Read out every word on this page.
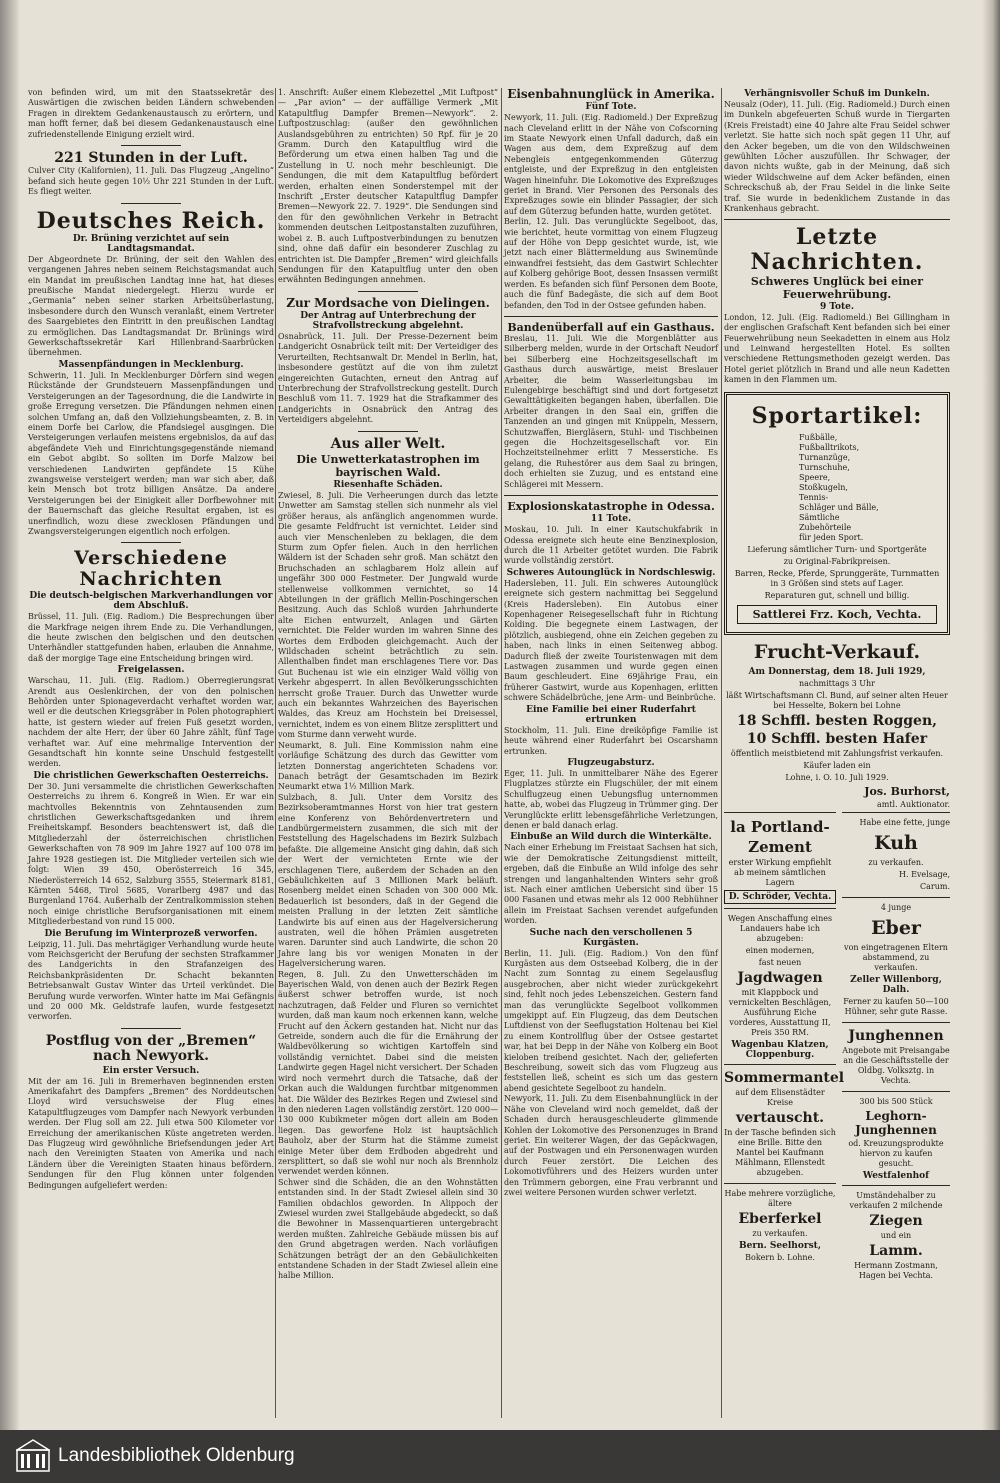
von befinden wird, um mit den Staatssekretär des Auswärtigen die zwischen beiden Ländern schwebenden Fragen in direktem Gedankenaustausch zu erörtern, und man hofft ferner, daß bei diesem Gedankenaustausch eine zufriedenstellende Einigung erzielt wird.

221 Stunden in der Luft.

Culver City (Kalifornien), 11. Juli. Das Flugzeug „Angelino“ befand sich heute gegen 10½ Uhr 221 Stunden in der Luft. Es fliegt weiter.

Deutsches Reich.

Dr. Brüning verzichtet auf sein Landtagsmandat.

Der Abgeordnete Dr. Brüning, der seit den Wahlen des vergangenen Jahres neben seinem Reichstagsmandat auch ein Mandat im preußischen Landtag inne hat, hat dieses preußische Mandat niedergelegt. Hierzu wurde er „Germania“ neben seiner starken Arbeitsüberlastung, insbesondere durch den Wunsch veranlaßt, einem Vertreter des Saargebietes den Eintritt in den preußischen Landtag zu ermöglichen. Das Landtagsmandat Dr. Brünings wird Gewerkschaftssekretär Karl Hillenbrand-Saarbrücken übernehmen.

Massenpfändungen in Mecklenburg.

Schwerin, 11. Juli. In Mecklenburger Dörfern sind wegen Rückstände der Grundsteuern Massenpfändungen und Versteigerungen an der Tagesordnung, die die Landwirte in große Erregung versetzen. Die Pfändungen nehmen einen solchen Umfang an, daß den Vollziehungsbeamten, z. B. in einem Dorfe bei Carlow, die Pfandsiegel ausgingen. Die Versteigerungen verlaufen meistens ergebnislos, da auf das abgefändete Vieh und Einrichtungsgegenstände niemand ein Gebot abgibt. So sollten im Dorfe Malzow bei verschiedenen Landwirten gepfändete 15 Kühe zwangsweise versteigert werden; man war sich aber, daß kein Mensch bot trotz billigen Ansätze. Da andere Versteigerungen bei der Einigkeit aller Dorfbewohner mit der Bauernschaft das gleiche Resultat ergaben, ist es unerfindlich, wozu diese zwecklosen Pfändungen und Zwangsversteigerungen eigentlich noch erfolgen.

Verschiedene Nachrichten

Die deutsch-belgischen Markverhandlungen vor dem Abschluß.

Brüssel, 11. Juli. (Eig. Radiom.) Die Besprechungen über die Markfrage neigen ihrem Ende zu. Die Verhandlungen, die heute zwischen den belgischen und den deutschen Unterhändler stattgefunden haben, erlauben die Annahme, daß der morgige Tage eine Entscheidung bringen wird.

Freigelassen.

Warschau, 11. Juli. (Eig. Radiom.) Oberregierungsrat Arendt aus Oeslenkirchen, der von den polnischen Behörden unter Spionageverdacht verhaftet worden war, weil er die deutschen Kriegsgräber in Polen photographiert hatte, ist gestern wieder auf freien Fuß gesetzt worden, nachdem der alte Herr, der über 60 Jahre zählt, fünf Tage verhaftet war. Auf eine mehrmalige Intervention der Gesandtschaft hin konnte seine Unschuld festgestellt werden.

Die christlichen Gewerkschaften Oesterreichs.

Der 30. Juni versammelte die christlichen Gewerkschaften Oesterreichs zu ihrem 6. Kongreß in Wien. Er war ein machtvolles Bekenntnis von Zehntausenden zum christlichen Gewerkschaftsgedanken und ihrem Freiheitskampf. Besonders beachtenswert ist, daß die Mitgliederzahl der österreichischen christlichen Gewerkschaften von 78 909 im Jahre 1927 auf 100 078 im Jahre 1928 gestiegen ist. Die Mitglieder verteilen sich wie folgt: Wien 39 450, Oberösterreich 16 345, Niederösterreich 14 652, Salzburg 3555, Steiermark 8181, Kärnten 5468, Tirol 5685, Vorarlberg 4987 und das Burgenland 1764. Außerhalb der Zentralkommission stehen noch einige christliche Berufsorganisationen mit einem Mitgliederbestand von rund 15 000.

Die Berufung im Winterprozeß verworfen.

Leipzig, 11. Juli. Das mehrtägiger Verhandlung wurde heute vom Reichsgericht der Berufung der sechsten Strafkammer des Landgerichts in den Strafanzeigen des Reichsbankpräsidenten Dr. Schacht bekannten Betriebsanwalt Gustav Winter das Urteil verkündet. Die Berufung wurde verworfen. Winter hatte im Mai Gefängnis und 20 000 Mk. Geldstrafe laufen, wurde festgesetzt verworfen.

Postflug von der „Bremen“ nach Newyork.

Ein erster Versuch.

Mit der am 16. Juli in Bremerhaven beginnenden ersten Amerikafahrt des Dampfers „Bremen“ des Norddeutschen Lloyd wird versuchsweise der Flug eines Katapultflugzeuges vom Dampfer nach Newyork verbunden werden. Der Flug soll am 22. Juli etwa 500 Kilometer vor Erreichung der amerikanischen Küste angetreten werden. Das Flugzeug wird gewöhnliche Briefsendungen jeder Art nach den Vereinigten Staaten von Amerika und nach Ländern über die Vereinigten Staaten hinaus befördern. Sendungen für den Flug können unter folgenden Bedingungen aufgeliefert werden:

1. Anschrift: Außer einem Klebezettel „Mit Luftpost“ — „Par avion“ — der auffällige Vermerk „Mit Katapultflug Dampfer Bremen—Newyork“. 2. Luftpostzuschlag: (außer den gewöhnlichen Auslandsgebühren zu entrichten) 50 Rpf. für je 20 Gramm. Durch den Katapultflug wird die Beförderung um etwa einen halben Tag und die Zustellung in U. noch mehr beschleunigt. Die Sendungen, die mit dem Katapultflug befördert werden, erhalten einen Sonderstempel mit der Inschrift „Erster deutscher Katapultflug Dampfer Bremen—Newyork 22. 7. 1929“. Die Sendungen sind den für den gewöhnlichen Verkehr in Betracht kommenden deutschen Leitpostanstalten zuzuführen, wobei z. B. auch Luftpostverbindungen zu benutzen sind, ohne daß dafür ein besonderer Zuschlag zu entrichten ist. Die Dampfer „Bremen“ wird gleichfalls Sendungen für den Katapultflug unter den oben erwähnten Bedingungen annehmen.

Zur Mordsache von Dielingen.

Der Antrag auf Unterbrechung der Strafvollstreckung abgelehnt.

Osnabrück, 11. Juli. Der Presse-Dezernent beim Landgericht Osnabrück teilt mit: Der Verteidiger des Verurteilten, Rechtsanwalt Dr. Mendel in Berlin, hat, insbesondere gestützt auf die von ihm zuletzt eingereichten Gutachten, erneut den Antrag auf Unterbrechung der Strafvollstreckung gestellt. Durch Beschluß vom 11. 7. 1929 hat die Strafkammer des Landgerichts in Osnabrück den Antrag des Verteidigers abgelehnt.

Aus aller Welt.

Die Unwetterkatastrophen im bayrischen Wald.

Riesenhafte Schäden.

Zwiesel, 8. Juli. Die Verheerungen durch das letzte Unwetter am Samstag stellen sich nunmehr als viel größer heraus, als anfänglich angenommen wurde. Die gesamte Feldfrucht ist vernichtet. Leider sind auch vier Menschenleben zu beklagen, die dem Sturm zum Opfer fielen. Auch in den herrlichen Wäldern ist der Schaden sehr groß. Man schätzt den Bruchschaden an schlagbarem Holz allein auf ungefähr 300 000 Festmeter. Der Jungwald wurde stellenweise vollkommen vernichtet, so 14 Abteilungen in der gräflich Mellin-Poschingerschen Besitzung. Auch das Schloß wurden Jahrhunderte alte Eichen entwurzelt, Anlagen und Gärten vernichtet. Die Felder wurden im wahren Sinne des Wortes dem Erdboden gleichgemacht. Auch der Wildschaden scheint beträchtlich zu sein. Allenthalben findet man erschlagenes Tiere vor. Das Gut Buchenau ist wie ein einziger Wald völlig von Verkehr abgesperrt. In allen Bevölkerungsschichten herrscht große Trauer. Durch das Unwetter wurde auch ein bekanntes Wahrzeichen des Bayerischen Waldes, das Kreuz am Hochstein bei Dreisessel, vernichtet, indem es von einem Blitze zersplittert und vom Sturme dann verweht wurde.

Neumarkt, 8. Juli. Eine Kommission nahm eine vorläufige Schätzung des durch das Gewitter vom letzten Donnerstag angerichteten Schadens vor. Danach beträgt der Gesamtschaden im Bezirk Neumarkt etwa 1½ Million Mark.

Sulzbach, 8. Juli. Unter dem Vorsitz des Bezirksoberamtmannes Horst von hier trat gestern eine Konferenz von Behördenvertretern und Landbürgermeistern zusammen, die sich mit der Feststellung des Hagelschadens im Bezirk Sulzbach befaßte. Die allgemeine Ansicht ging dahin, daß sich der Wert der vernichteten Ernte wie der erschlagenen Tiere, außerdem der Schaden an den Gebäulichkeiten auf 3 Millionen Mark beläuft. Rosenberg meldet einen Schaden von 300 000 Mk. Bedauerlich ist besonders, daß in der Gegend die meisten Prallung in der letzten Zeit sämtliche Landwirte bis auf einen aus der Hagelversicherung austraten, weil die höhen Prämien ausgetreten waren. Darunter sind auch Landwirte, die schon 20 Jahre lang bis vor wenigen Monaten in der Hagelversicherung waren.

Regen, 8. Juli. Zu den Unwetterschäden im Bayerischen Wald, von denen auch der Bezirk Regen äußerst schwer betroffen wurde, ist noch nachzutragen, daß Felder und Fluren so vernichtet wurden, daß man kaum noch erkennen kann, welche Frucht auf den Äckern gestanden hat. Nicht nur das Getreide, sondern auch die für die Ernährung der Waldbevölkerung so wichtigen Kartoffeln sind vollständig vernichtet. Dabei sind die meisten Landwirte gegen Hagel nicht versichert. Der Schaden wird noch vermehrt durch die Tatsache, daß der Orkan auch die Waldungen furchtbar mitgenommen hat. Die Wälder des Bezirkes Regen und Zwiesel sind in den niederen Lagen vollständig zerstört. 120 000—130 000 Kubikmeter mögen dort allein am Boden liegen. Das geworfene Holz ist hauptsächlich Bauholz, aber der Sturm hat die Stämme zumeist einige Meter über dem Erdboden abgedreht und zersplittert, so daß sie wohl nur noch als Brennholz verwendet werden können.

Schwer sind die Schäden, die an den Wohnstätten entstanden sind. In der Stadt Zwiesel allein sind 30 Familien obdachlos geworden. In Alippoch der Zwiesel wurden zwei Stallgebäude abgedeckt, so daß die Bewohner in Massenquartieren untergebracht werden mußten. Zahlreiche Gebäude müssen bis auf den Grund abgetragen werden. Nach vorläufigen Schätzungen beträgt der an den Gebäulichkeiten entstandene Schaden in der Stadt Zwiesel allein eine halbe Million.

Eisenbahnunglück in Amerika.

Fünf Tote.

Newyork, 11. Juli. (Eig. Radiomeld.) Der Expreßzug nach Cleveland erlitt in der Nähe von Cofscorning im Staate Newyork einen Unfall dadurch, daß ein Wagen aus dem, dem Expreßzug auf dem Nebengleis entgegenkommenden Güterzug entgleiste, und der Expreßzug in den entgleisten Wagen hineinfuhr. Die Lokomotive des Expreßzuges geriet in Brand. Vier Personen des Personals des Expreßzuges sowie ein blinder Passagier, der sich auf dem Güterzug befunden hatte, wurden getötet.

Berlin, 12. Juli. Das verunglückte Segelboot, das, wie berichtet, heute vormittag von einem Flugzeug auf der Höhe von Depp gesichtet wurde, ist, wie jetzt nach einer Blättermeldung aus Swinemünde einwandfrei festsieht, das dem Gastwirt Schlechter auf Kolberg gehörige Boot, dessen Insassen vermißt werden. Es befanden sich fünf Personen dem Boote, auch die fünf Badegäste, die sich auf dem Boot befanden, den Tod in der Ostsee gefunden haben.

Bandenüberfall auf ein Gasthaus.

Breslau, 11. Juli. Wie die Morgenblätter aus Silberberg melden, wurde in der Ortschaft Neudorf bei Silberberg eine Hochzeitsgesellschaft im Gasthaus durch auswärtige, meist Breslauer Arbeiter, die beim Wasserleitungsbau im Eulengebirge beschäftigt sind und dort fortgesetzt Gewalttätigkeiten begangen haben, überfallen. Die Arbeiter drangen in den Saal ein, griffen die Tanzenden an und gingen mit Knüppeln, Messern, Schutzwaffen, Biergläsern, Stuhl- und Tischbeinen gegen die Hochzeitsgesellschaft vor. Ein Hochzeitsteilnehmer erlitt 7 Messerstiche. Es gelang, die Ruhestörer aus dem Saal zu bringen, doch erhielten sie Zuzug, und es entstand eine Schlägerei mit Messern.

Explosionskatastrophe in Odessa.

11 Tote.

Moskau, 10. Juli. In einer Kautschukfabrik in Odessa ereignete sich heute eine Benzinexplosion, durch die 11 Arbeiter getötet wurden. Die Fabrik wurde vollständig zerstört.

Schweres Autounglück in Nordschleswig.

Hadersleben, 11. Juli. Ein schweres Autounglück ereignete sich gestern nachmittag bei Seggelund (Kreis Hadersleben). Ein Autobus einer Kopenhagener Reisegesellschaft fuhr in Richtung Kolding. Die begegnete einem Lastwagen, der plötzlich, ausbiegend, ohne ein Zeichen gegeben zu haben, nach links in einen Seitenweg abbog. Dadurch fließ der zweite Touristenwagen mit dem Lastwagen zusammen und wurde gegen einen Baum geschleudert. Eine 69jährige Frau, ein früherer Gastwirt, wurde aus Kopenhagen, erlitten schwere Schädelbrüche, jene Arm- und Beinbrüche.

Eine Familie bei einer Ruderfahrt ertrunken

Stockholm, 11. Juli. Eine dreiköpfige Familie ist heute während einer Ruderfahrt bei Oscarshamn ertrunken.

Flugzeugabsturz.

Eger, 11. Juli. In unmittelbarer Nähe des Egerer Flugplatzes stürzte ein Flugschüler, der mit einem Schulflugzeug einen Uebungsflug unternommen hatte, ab, wobei das Flugzeug in Trümmer ging. Der Verunglückte erlitt lebensgefährliche Verletzungen, denen er bald danach erlag.

Einbuße an Wild durch die Winterkälte.

Nach einer Erhebung im Freistaat Sachsen hat sich, wie der Demokratische Zeitungsdienst mitteilt, ergeben, daß die Einbuße an Wild infolge des sehr strengen und langanhaltenden Winters sehr groß ist. Nach einer amtlichen Uebersicht sind über 15 000 Fasanen und etwas mehr als 12 000 Rebhühner allein im Freistaat Sachsen verendet aufgefunden worden.

Suche nach den verschollenen 5 Kurgästen.

Berlin, 11. Juli. (Eig. Radiom.) Von den fünf Kurgästen aus dem Ostseebad Kolberg, die in der Nacht zum Sonntag zu einem Segelausflug ausgebrochen, aber nicht wieder zurückgekehrt sind, fehlt noch jedes Lebenszeichen. Gestern fand man das verunglückte Segelboot vollkommen umgekippt auf. Ein Flugzeug, das dem Deutschen Luftdienst von der Seeflugstation Holtenau bei Kiel zu einem Kontrollflug über der Ostsee gestartet war, hat bei Depp in der Nähe von Kolberg ein Boot kieloben treibend gesichtet. Nach der, gelieferten Beschreibung, soweit sich das vom Flugzeug aus feststellen ließ, scheint es sich um das gestern abend gesichtete Segelboot zu handeln.

Newyork, 11. Juli. Zu dem Eisenbahnunglück in der Nähe von Cleveland wird noch gemeldet, daß der Schaden durch herausgeschleuderte glimmende Kohlen der Lokomotive des Personenzuges in Brand geriet. Ein weiterer Wagen, der das Gepäckwagen, auf der Postwagen und ein Personenwagen wurden durch Feuer zerstört. Die Leichen des Lokomotivführers und des Heizers wurden unter den Trümmern geborgen, eine Frau verbrannt und zwei weitere Personen wurden schwer verletzt.

Verhängnisvoller Schuß im Dunkeln.

Neusalz (Oder), 11. Juli. (Eig. Radiomeld.) Durch einen im Dunkeln abgefeuerten Schuß wurde in Tiergarten (Kreis Freistadt) eine 40 Jahre alte Frau Seidel schwer verletzt. Sie hatte sich noch spät gegen 11 Uhr, auf den Acker begeben, um die von den Wildschweinen gewühlten Löcher auszufüllen. Ihr Schwager, der davon nichts wußte, gab in der Meinung, daß sich wieder Wildschweine auf dem Acker befänden, einen Schreckschuß ab, der Frau Seidel in die linke Seite traf. Sie wurde in bedenklichem Zustande in das Krankenhaus gebracht.

Letzte Nachrichten.

Schweres Unglück bei einer Feuerwehrübung.

9 Tote.

London, 12. Juli. (Eig. Radiomeld.) Bei Gillingham in der englischen Grafschaft Kent befanden sich bei einer Feuerwehrübung neun Seekadetten in einem aus Holz und Leinwand hergestellten Hotel. Es sollten verschiedene Rettungsmethoden gezeigt werden. Das Hotel geriet plötzlich in Brand und alle neun Kadetten kamen in den Flammen um.

Sportartikel:

Fußbälle,
Fußballtrikots,
Turnanzüge,
Turnschuhe,
Speere,
Stoßkugeln,
Tennis-
Schläger und Bälle,
Sämtliche
Zubehörteile
für jeden Sport.

Lieferung sämtlicher Turn- und Sportgeräte

zu Original-Fabrikpreisen.

Barren, Recke, Pferde, Sprunggeräte, Turnmatten in 3 Größen sind stets auf Lager.

Reparaturen gut, schnell und billig.

Sattlerei Frz. Koch, Vechta.

Frucht-Verkauf.

Am Donnerstag, dem 18. Juli 1929,

nachmittags 3 Uhr

läßt Wirtschaftsmann Cl. Bund, auf seiner alten Heuer bei Hesselte, Bokern bei Lohne

18 Schffl. besten Roggen,

10 Schffl. besten Hafer

öffentlich meistbietend mit Zahlungsfrist verkaufen.

Käufer laden ein

Lohne, i. O. 10. Juli 1929.

Jos. Burhorst,

amtl. Auktionator.

la Portland-

Zement

erster Wirkung empfiehlt ab meinem sämtlichen Lagern

D. Schröder, Vechta.

Wegen Anschaffung eines Landauers habe ich abzugeben:

einen modernen,

fast neuen

Jagdwagen

mit Klappbock und vernickelten Beschlägen, Ausführung Eiche vorderes, Ausstattung II, Preis 350 RM.

Wagenbau Klatzen, Cloppenburg.

Sommermantel

auf dem Elisenstädter Kreise

vertauscht.

In der Tasche befinden sich eine Brille. Bitte den Mantel bei Kaufmann Mählmann, Ellenstedt abzugeben.

Habe mehrere vorzügliche, ältere

Eberferkel

zu verkaufen.

Bern. Seelhorst,

Bokern b. Lohne.

Habe eine fette, junge

Kuh

zu verkaufen.

H. Evelsage,

Carum.

4 junge

Eber

von eingetragenen Eltern abstammend, zu verkaufen.

Zeller Willenborg, Dalh.

Ferner zu kaufen 50—100 Hühner, sehr gute Rasse.

Junghennen

Angebote mit Preisangabe an die Geschäftsstelle der Oldbg. Volksztg. in Vechta.

300 bis 500 Stück

Leghorn-Junghennen

od. Kreuzungsprodukte hiervon zu kaufen gesucht.

Westfalenhof

Umständehalber zu verkaufen 2 milchende

Ziegen

und ein

Lamm.

Hermann Zostmann, Hagen bei Vechta.

Landesbibliothek Oldenburg
